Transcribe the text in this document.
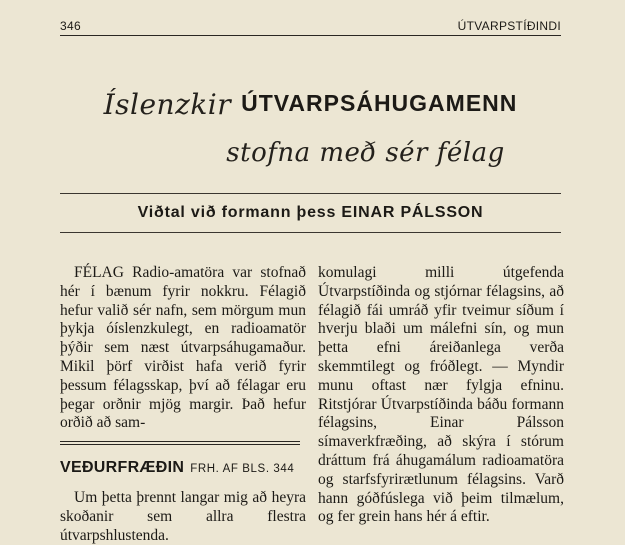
346	ÚTVARPSTÍÐINDI
Íslenzkir ÚTVARPSÁHUGAMENN
stofna með sér félag
Viðtal við formann þess EINAR PÁLSSON

FÉLAG Radio-amatöra var stofnað hér í bænum fyrir nokkru. Félagið hefur valið sér nafn, sem mörgum mun þykja óíslenzkulegt, en radioamatör þýðir sem næst útvarpsáhugamaður. Mikil þörf virðist hafa verið fyrir þessum félagsskap, því að félagar eru þegar orðnir mjög margir. Það hefur orðið að sam-

komulagi milli útgefenda Útvarpstíðinda og stjórnar félagsins, að félagið fái umráð yfir tveimur síðum í hverju blaði um málefni sín, og mun þetta efni áreiðanlega verða skemmtilegt og fróðlegt. — Myndir munu oftast nær fylgja efninu. Ritstjórar Útvarpstíðinda báðu formann félagsins, Einar Pálsson símaverkfræðing, að skýra í stórum dráttum frá áhugamálum radioamatöra og starfsfyrirætlunum félagsins. Varð hann góðfúslega við þeim tilmælum, og fer grein hans hér á eftir.

VEÐURFRÆÐIN FRH. AF BLS. 344

Um þetta þrennt langar mig að heyra skoðanir sem allra flestra útvarpshlustenda.
